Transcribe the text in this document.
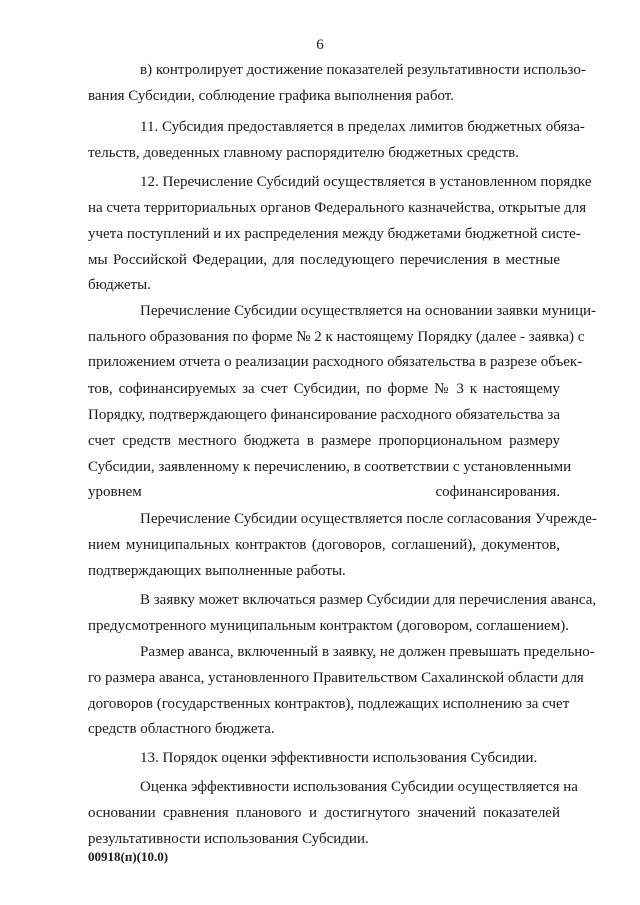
6
в) контролирует достижение показателей результативности использо-
вания Субсидии, соблюдение графика выполнения работ.
11. Субсидия предоставляется в пределах лимитов бюджетных обяза-
тельств, доведенных главному распорядителю бюджетных средств.
12. Перечисление Субсидий осуществляется в установленном порядке
на счета территориальных органов Федерального казначейства, открытые для
учета поступлений и их распределения между бюджетами бюджетной систе-
мы Российской Федерации, для последующего перечисления в местные
бюджеты.
Перечисление Субсидии осуществляется на основании заявки муници-
пального образования по форме № 2 к настоящему Порядку (далее - заявка) с
приложением отчета о реализации расходного обязательства в разрезе объек-
тов, софинансируемых за счет Субсидии, по форме № 3 к настоящему
Порядку, подтверждающего финансирование расходного обязательства за
счет средств местного бюджета в размере пропорциональном размеру
Субсидии, заявленному к перечислению, в соответствии с установленными
уровнем софинансирования.
Перечисление Субсидии осуществляется после согласования Учрежде-
нием муниципальных контрактов (договоров, соглашений), документов,
подтверждающих выполненные работы.
В заявку может включаться размер Субсидии для перечисления аванса,
предусмотренного муниципальным контрактом (договором, соглашением).
Размер аванса, включенный в заявку, не должен превышать предельно-
го размера аванса, установленного Правительством Сахалинской области для
договоров (государственных контрактов), подлежащих исполнению за счет
средств областного бюджета.
13. Порядок оценки эффективности использования Субсидии.
Оценка эффективности использования Субсидии осуществляется на
основании сравнения планового и достигнутого значений показателей
результативности использования Субсидии.
00918(п)(10.0)
